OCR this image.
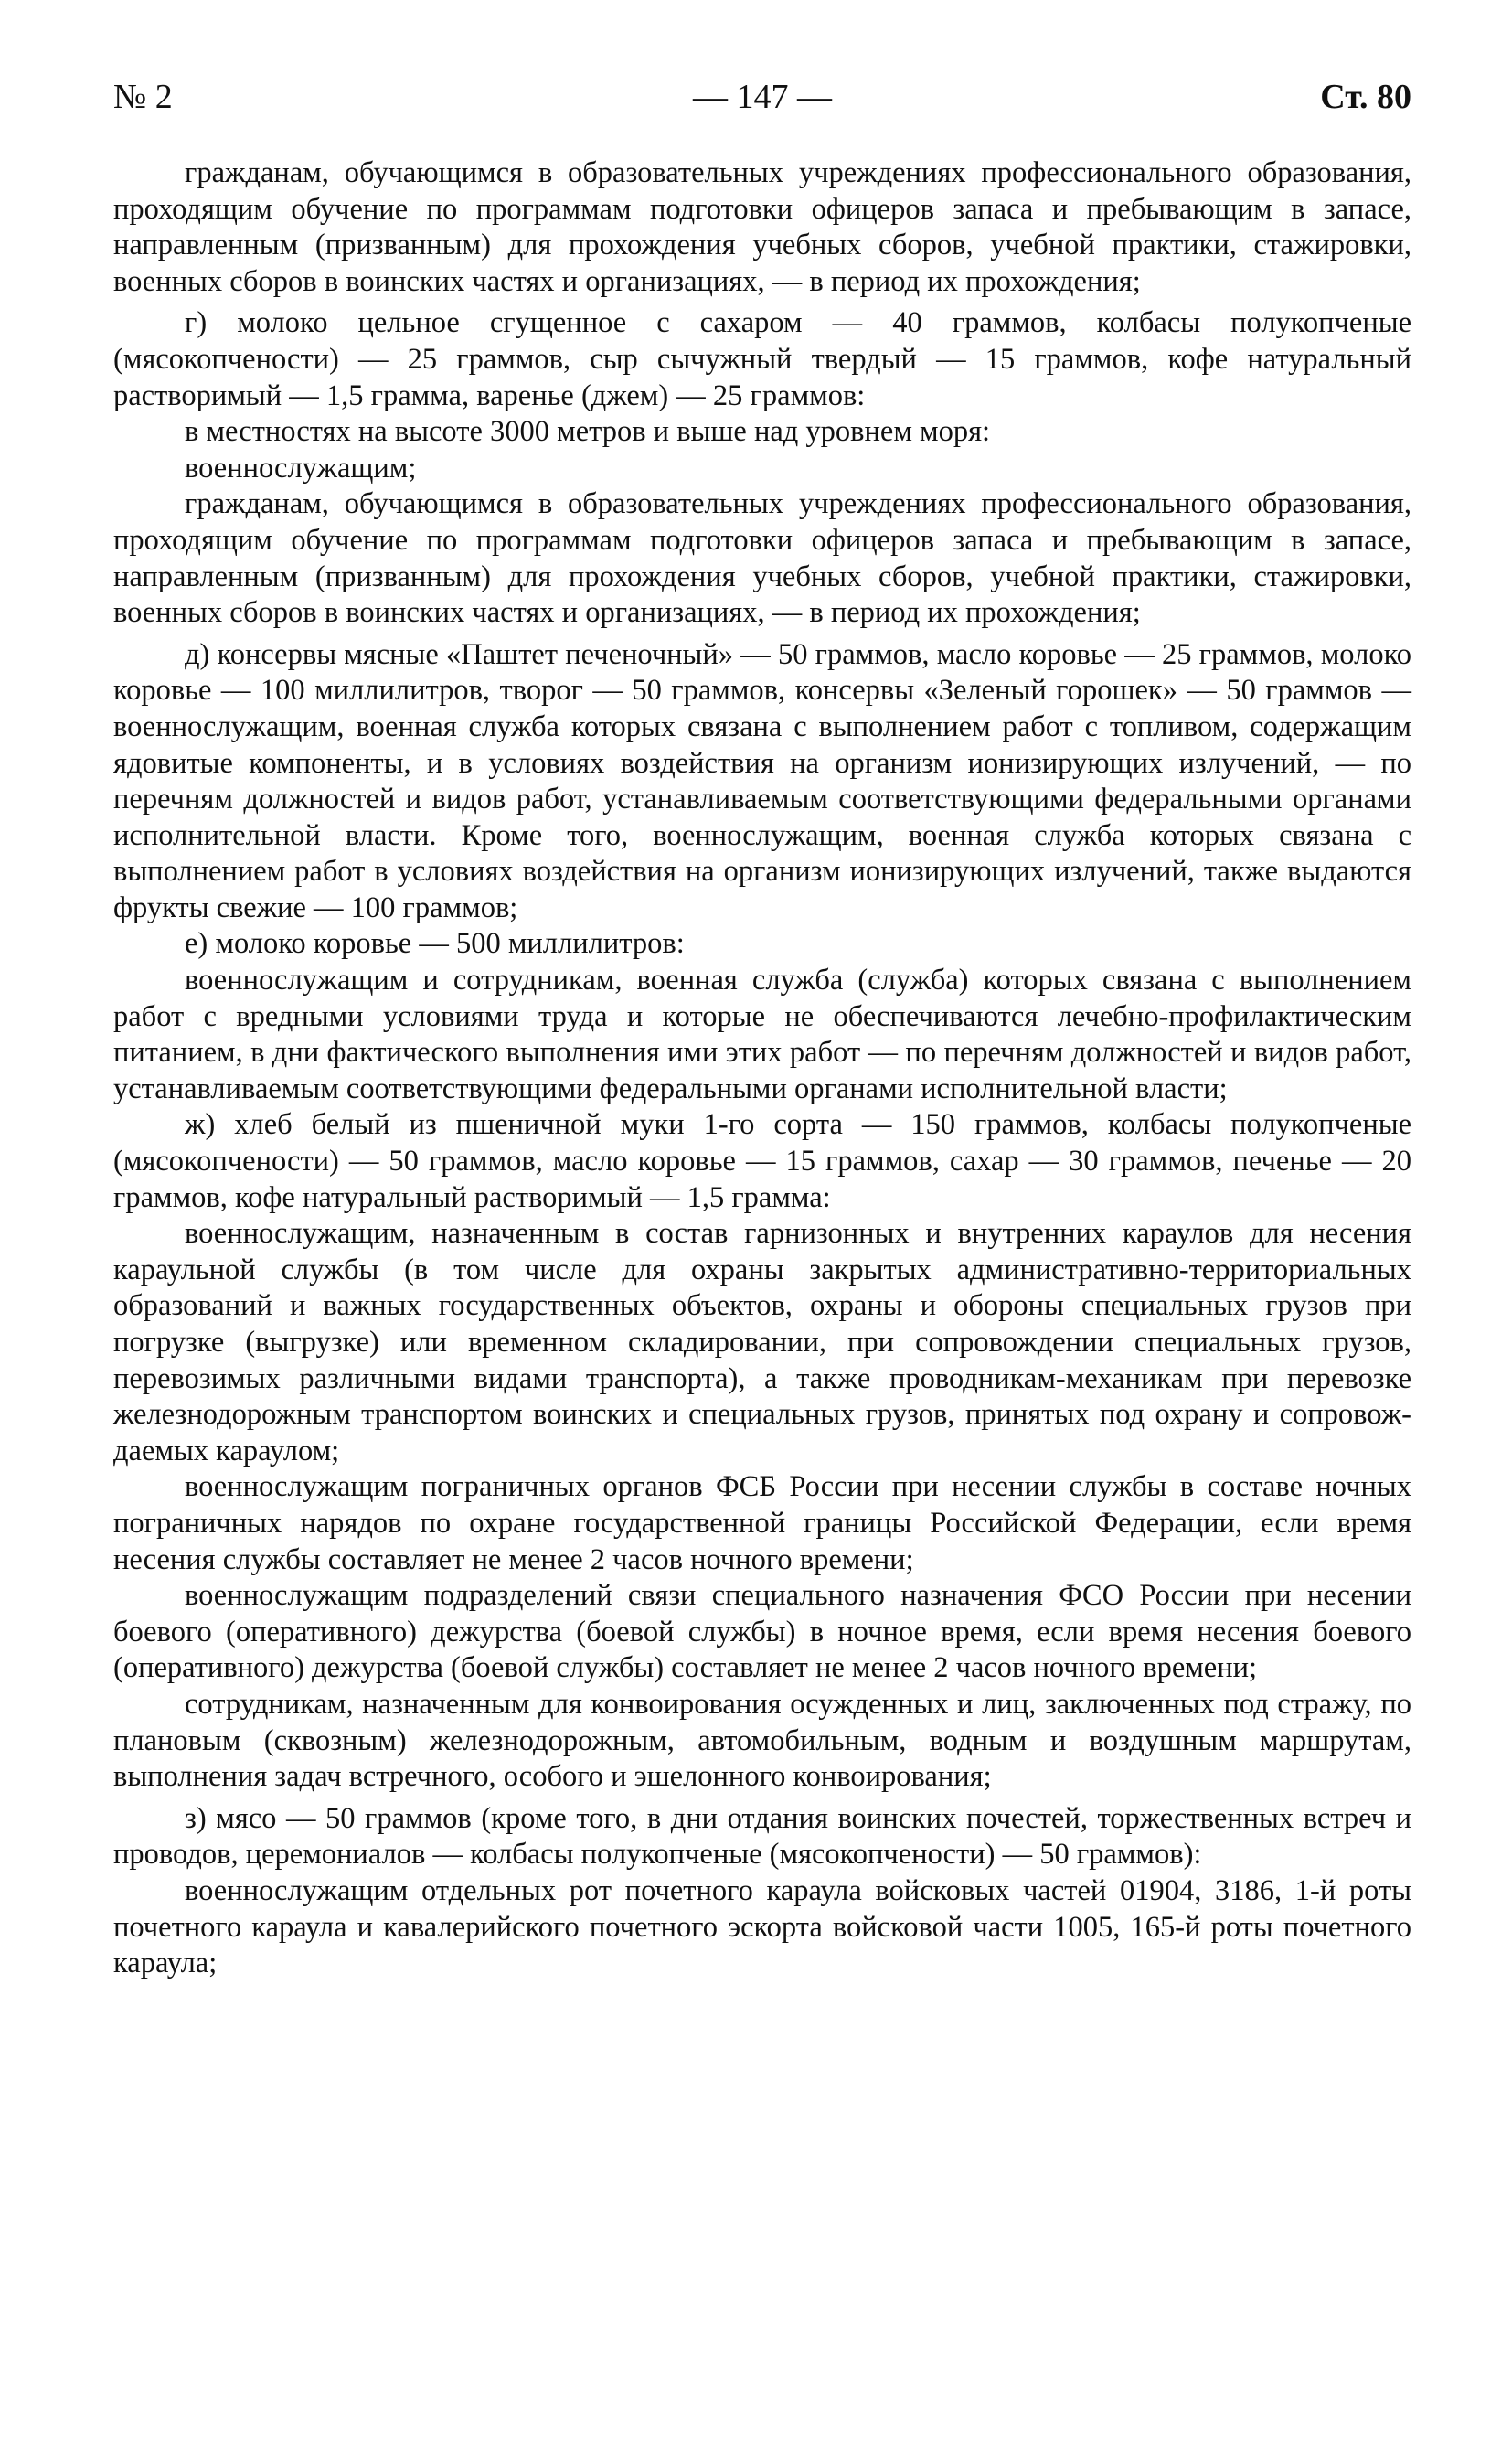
№ 2	— 147 —	Ст. 80

гражданам, обучающимся в образовательных учреждениях профессионального образования, проходящим обучение по программам подготовки офицеров запаса и пребывающим в запасе, направленным (призванным) для прохождения учебных сборов, учебной практики, стажировки, военных сборов в воинских частях и организациях, — в период их прохождения;

г) молоко цельное сгущенное с сахаром — 40 граммов, колбасы полукопченые (мясокопчености) — 25 граммов, сыр сычужный твердый — 15 граммов, кофе натуральный растворимый — 1,5 грамма, варенье (джем) — 25 граммов:

в местностях на высоте 3000 метров и выше над уровнем моря:

военнослужащим;

гражданам, обучающимся в образовательных учреждениях профессионального образования, проходящим обучение по программам подготовки офицеров запаса и пребывающим в запасе, направленным (призванным) для прохождения учебных сборов, учебной практики, стажировки, военных сборов в воинских частях и организациях, — в период их прохождения;

д) консервы мясные «Паштет печеночный» — 50 граммов, масло коровье — 25 граммов, молоко коровье — 100 миллилитров, творог — 50 граммов, консервы «Зеленый горошек» — 50 граммов — военнослужащим, военная служба которых связана с выполнением работ с топливом, содержащим ядовитые компоненты, и в условиях воздействия на организм ионизирующих излучений, — по перечням должностей и видов работ, устанавливаемым соответствующими федеральными органами исполнительной власти. Кроме того, военнослужащим, военная служба которых связана с выполнением работ в условиях воздействия на организм ионизирующих излучений, также выдаются фрукты свежие — 100 граммов;

е) молоко коровье — 500 миллилитров:

военнослужащим и сотрудникам, военная служба (служба) которых связана с выполнением работ с вредными условиями труда и которые не обеспечиваются лечебно-профилактическим питанием, в дни фактического выполнения ими этих работ — по перечням должностей и видов работ, устанавливаемым соответствующими федеральными органами исполнительной власти;

ж) хлеб белый из пшеничной муки 1-го сорта — 150 граммов, колбасы полукопченые (мясокопчености) — 50 граммов, масло коровье — 15 граммов, сахар — 30 граммов, печенье — 20 граммов, кофе натуральный растворимый — 1,5 грамма:

военнослужащим, назначенным в состав гарнизонных и внутренних караулов для несения караульной службы (в том числе для охраны закрытых административно-территориальных образований и важных государственных объектов, охраны и обороны специальных грузов при погрузке (выгрузке) или временном складировании, при сопровождении специальных грузов, перевозимых различными видами транспорта), а также проводникам-механикам при перевозке железнодорожным транспортом воинских и специальных грузов, принятых под охрану и сопровождаемых караулом;

военнослужащим пограничных органов ФСБ России при несении службы в составе ночных пограничных нарядов по охране государственной границы Российской Федерации, если время несения службы составляет не менее 2 часов ночного времени;

военнослужащим подразделений связи специального назначения ФСО России при несении боевого (оперативного) дежурства (боевой службы) в ночное время, если время несения боевого (оперативного) дежурства (боевой службы) составляет не менее 2 часов ночного времени;

сотрудникам, назначенным для конвоирования осужденных и лиц, заключенных под стражу, по плановым (сквозным) железнодорожным, автомобильным, водным и воздушным маршрутам, выполнения задач встречного, особого и эшелонного конвоирования;

з) мясо — 50 граммов (кроме того, в дни отдания воинских почестей, торжественных встреч и проводов, церемониалов — колбасы полукопченые (мясокопчености) — 50 граммов):

военнослужащим отдельных рот почетного караула войсковых частей 01904, 3186, 1-й роты почетного караула и кавалерийского почетного эскорта войсковой части 1005, 165-й роты почетного караула;
